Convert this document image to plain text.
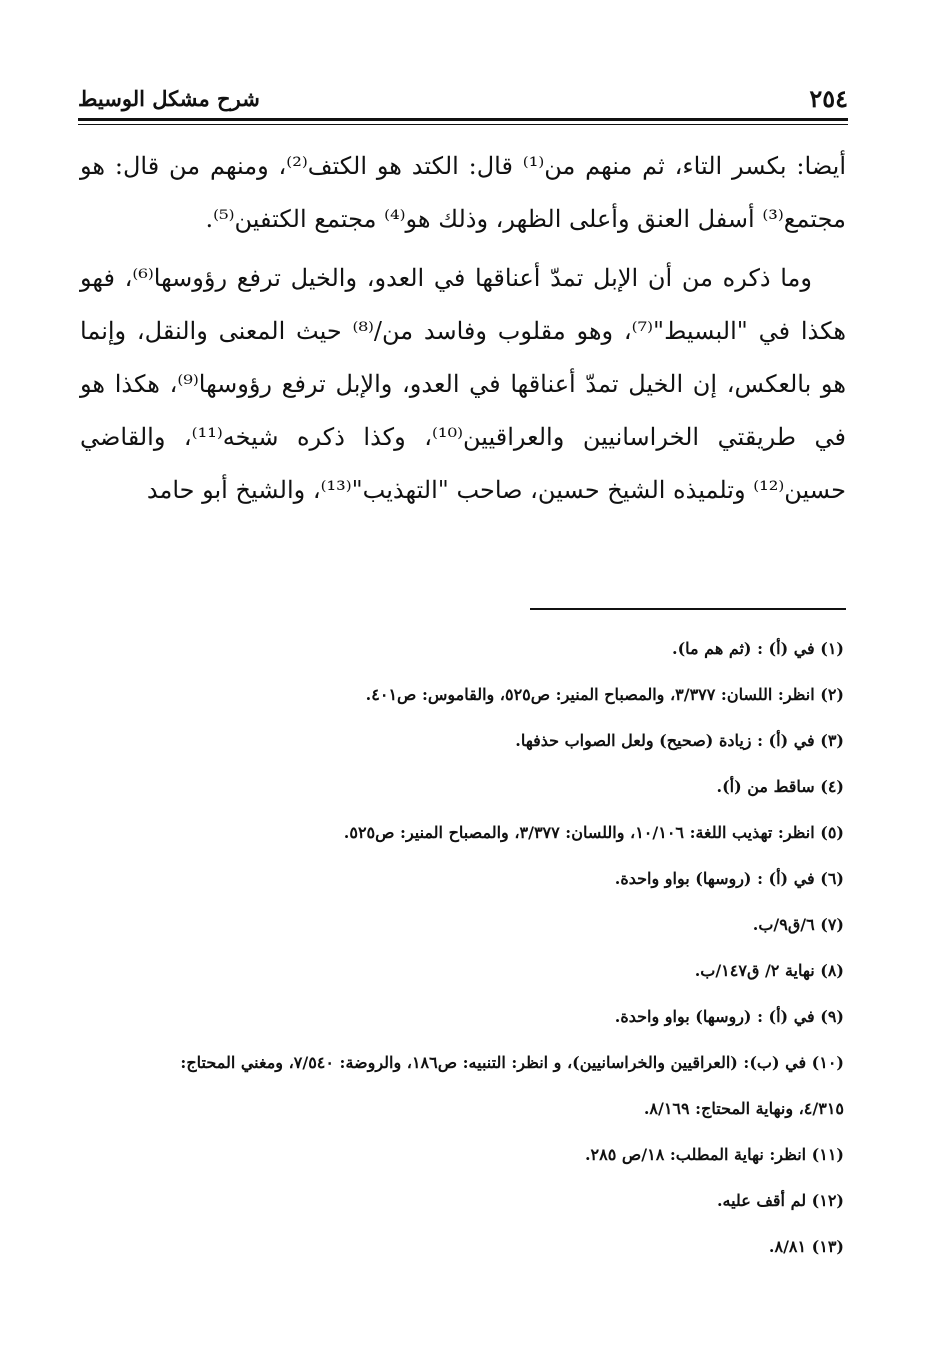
٢٥٤
شرح مشكل الوسيط

أيضا: بكسر التاء، ثم منهم من⁽¹⁾ قال: الكتد هو الكتف⁽²⁾، ومنهم من قال: هو مجتمع⁽³⁾ أسفل العنق وأعلى الظهر، وذلك هو⁽⁴⁾ مجتمع الكتفين⁽⁵⁾.

وما ذكره من أن الإبل تمدّ أعناقها في العدو، والخيل ترفع رؤوسها⁽⁶⁾، فهو هكذا في "البسيط"⁽⁷⁾، وهو مقلوب وفاسد من/⁽⁸⁾ حيث المعنى والنقل، وإنما هو بالعكس، إن الخيل تمدّ أعناقها في العدو، والإبل ترفع رؤوسها⁽⁹⁾، هكذا هو في طريقتي الخراسانيين والعراقيين⁽¹⁰⁾، وكذا ذكره شيخه⁽¹¹⁾، والقاضي حسين⁽¹²⁾ وتلميذه الشيخ حسين، صاحب "التهذيب"⁽¹³⁾، والشيخ أبو حامد

(١) في (أ) : (ثم هم ما).

(٢) انظر: اللسان: ٣/٣٧٧، والمصباح المنير: ص٥٢٥، والقاموس: ص٤٠١.

(٣) في (أ) : زيادة (صحيح) ولعل الصواب حذفها.

(٤) ساقط من (أ).

(٥) انظر: تهذيب اللغة: ١٠/١٠٦، واللسان: ٣/٣٧٧، والمصباح المنير: ص٥٢٥.

(٦) في (أ) : (روسها) بواو واحدة.

(٧) ٦/ق٩/ب.

(٨) نهاية ٢/ ق١٤٧/ب.

(٩) في (أ) : (روسها) بواو واحدة.

(١٠) في (ب): (العراقيين والخراسانيين)، و انظر: التنبيه: ص١٨٦، والروضة: ٧/٥٤٠، ومغني المحتاج: ٤/٣١٥، ونهاية المحتاج: ٨/١٦٩.

(١١) انظر: نهاية المطلب: ١٨/ص ٢٨٥.

(١٢) لم أقف عليه.

(١٣) ٨/٨١.
